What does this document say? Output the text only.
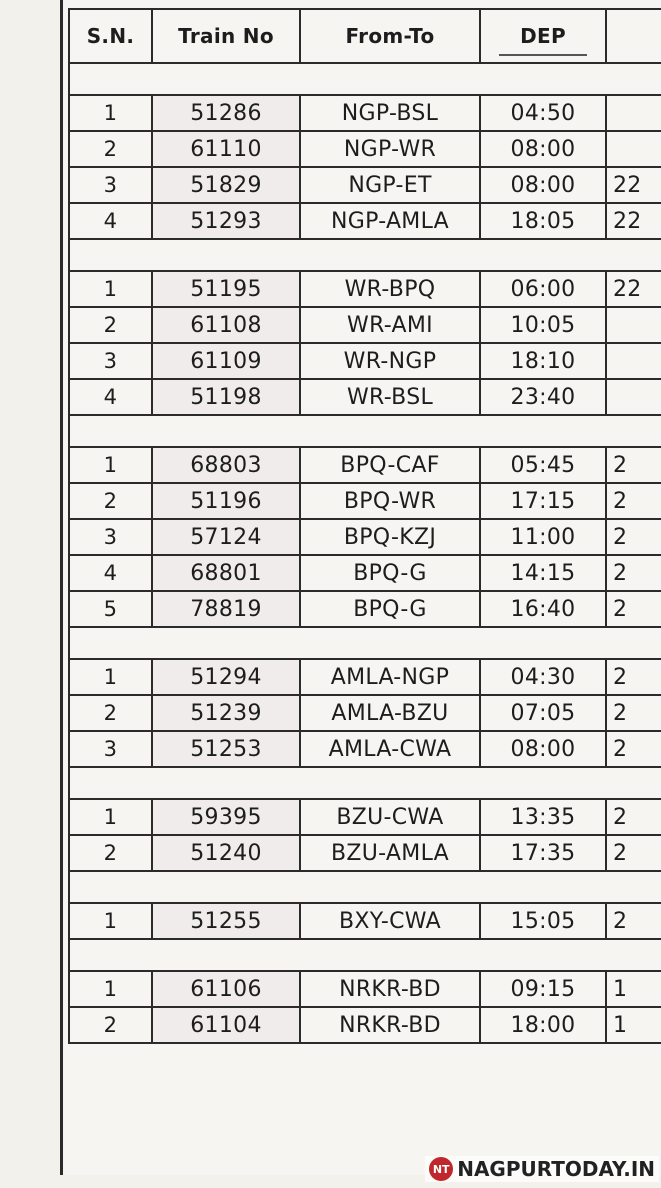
S.N.	Train No	From-To	DEP

1	51286	NGP-BSL	04:50	
2	61110	NGP-WR	08:00	
3	51829	NGP-ET	08:00	22
4	51293	NGP-AMLA	18:05	22

1	51195	WR-BPQ	06:00	22
2	61108	WR-AMI	10:05	
3	61109	WR-NGP	18:10	
4	51198	WR-BSL	23:40	

1	68803	BPQ-CAF	05:45	2
2	51196	BPQ-WR	17:15	2
3	57124	BPQ-KZJ	11:00	2
4	68801	BPQ-G	14:15	2
5	78819	BPQ-G	16:40	2

1	51294	AMLA-NGP	04:30	2
2	51239	AMLA-BZU	07:05	2
3	51253	AMLA-CWA	08:00	2

1	59395	BZU-CWA	13:35	2
2	51240	BZU-AMLA	17:35	2

1	51255	BXY-CWA	15:05	2

1	61106	NRKR-BD	09:15	1
2	61104	NRKR-BD	18:00	1
NT NAGPURTODAY.IN
